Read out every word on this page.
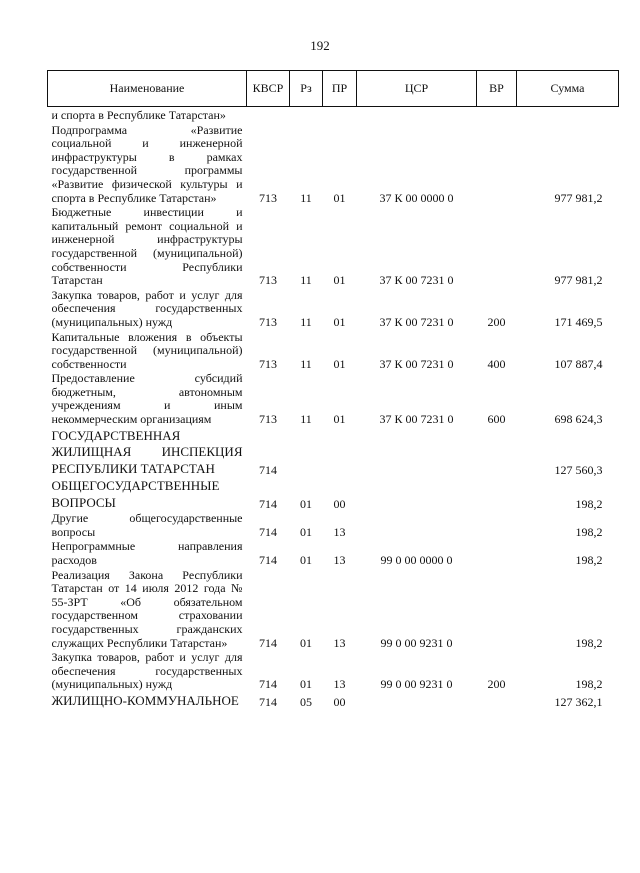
192
Наименование	КВСР	Рз	ПР	ЦСР	ВР	Сумма
и спорта в Республике Татарстан»						
Подпрограмма «Развитие социальной и инженерной инфраструктуры в рамках государственной программы «Развитие физической культуры и спорта в Республике Татарстан»	713	11	01	37 К 00 0000 0		977 981,2
Бюджетные инвестиции и капитальный ремонт социальной и инженерной инфраструктуры государственной (муниципальной) собственности Республики Татарстан	713	11	01	37 К 00 7231 0		977 981,2
Закупка товаров, работ и услуг для обеспечения государственных (муниципальных) нужд	713	11	01	37 К 00 7231 0	200	171 469,5
Капитальные вложения в объекты государственной (муниципальной) собственности	713	11	01	37 К 00 7231 0	400	107 887,4
Предоставление субсидий бюджетным, автономным учреждениям и иным некоммерческим организациям	713	11	01	37 К 00 7231 0	600	698 624,3
ГОСУДАРСТВЕННАЯ ЖИЛИЩНАЯ ИНСПЕКЦИЯ РЕСПУБЛИКИ ТАТАРСТАН	714					127 560,3
ОБЩЕГОСУДАРСТВЕННЫЕ ВОПРОСЫ	714	01	00			198,2
Другие общегосударственные вопросы	714	01	13			198,2
Непрограммные направления расходов	714	01	13	99 0 00 0000 0		198,2
Реализация Закона Республики Татарстан от 14 июля 2012 года № 55-ЗРТ «Об обязательном государственном страховании государственных гражданских служащих Республики Татарстан»	714	01	13	99 0 00 9231 0		198,2
Закупка товаров, работ и услуг для обеспечения государственных (муниципальных) нужд	714	01	13	99 0 00 9231 0	200	198,2
ЖИЛИЩНО-КОММУНАЛЬНОЕ	714	05	00			127 362,1
